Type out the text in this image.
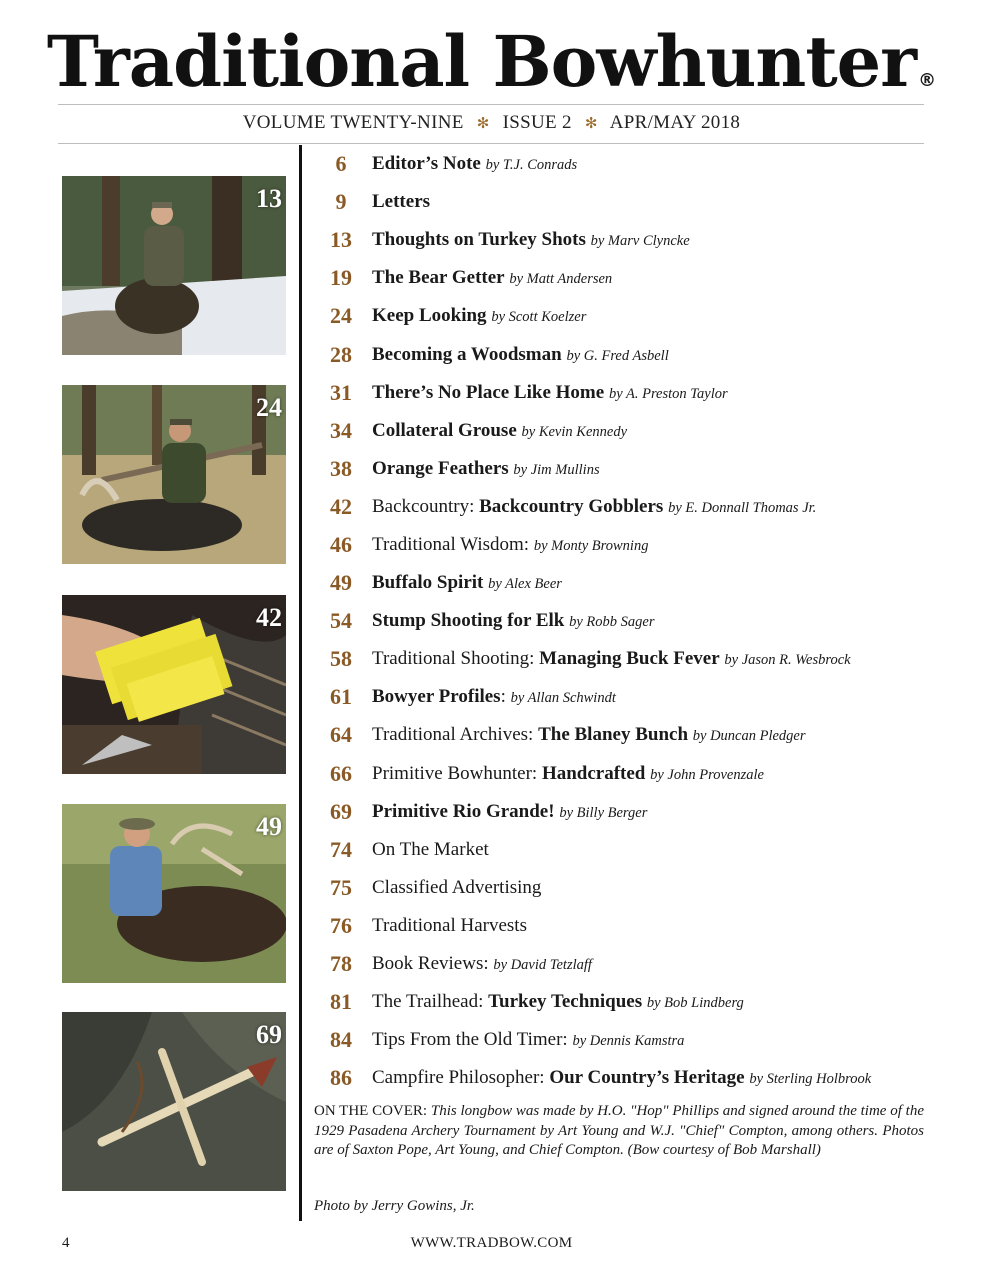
Traditional Bowhunter ®
VOLUME TWENTY-NINE ✻ ISSUE 2 ✻ APR/MAY 2018
13
24
42
49
69
6	Editor’s Note by T.J. Conrads
9	Letters
13	Thoughts on Turkey Shots by Marv Clyncke
19	The Bear Getter by Matt Andersen
24	Keep Looking by Scott Koelzer
28	Becoming a Woodsman by G. Fred Asbell
31	There’s No Place Like Home by A. Preston Taylor
34	Collateral Grouse by Kevin Kennedy
38	Orange Feathers by Jim Mullins
42	Backcountry: Backcountry Gobblers by E. Donnall Thomas Jr.
46	Traditional Wisdom: by Monty Browning
49	Buffalo Spirit by Alex Beer
54	Stump Shooting for Elk by Robb Sager
58	Traditional Shooting: Managing Buck Fever by Jason R. Wesbrock
61	Bowyer Profiles: by Allan Schwindt
64	Traditional Archives: The Blaney Bunch by Duncan Pledger
66	Primitive Bowhunter: Handcrafted by John Provenzale
69	Primitive Rio Grande! by Billy Berger
74	On The Market
75	Classified Advertising
76	Traditional Harvests
78	Book Reviews: by David Tetzlaff
81	The Trailhead: Turkey Techniques by Bob Lindberg
84	Tips From the Old Timer: by Dennis Kamstra
86	Campfire Philosopher: Our Country’s Heritage by Sterling Holbrook
ON THE COVER: This longbow was made by H.O. "Hop" Phillips and signed around the time of the 1929 Pasadena Archery Tournament by Art Young and W.J. "Chief" Compton, among others. Photos are of Saxton Pope, Art Young, and Chief Compton. (Bow courtesy of Bob Marshall)
Photo by Jerry Gowins, Jr.
4	WWW.TRADBOW.COM
